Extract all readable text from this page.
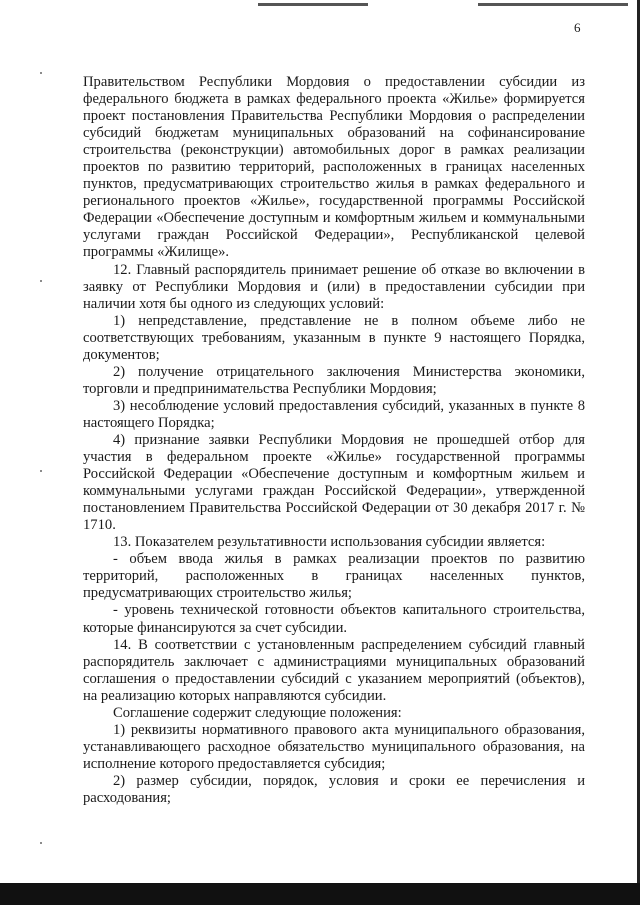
6

Правительством Республики Мордовия о предоставлении субсидии из федерального бюджета в рамках федерального проекта «Жилье» формируется проект постановления Правительства Республики Мордовия о распределении субсидий бюджетам муниципальных образований на софинансирование строительства (реконструкции) автомобильных дорог в рамках реализации проектов по развитию территорий, расположенных в границах населенных пунктов, предусматривающих строительство жилья в рамках федерального и регионального проектов «Жилье», государственной программы Российской Федерации «Обеспечение доступным и комфортным жильем и коммунальными услугами граждан Российской Федерации», Республиканской целевой программы «Жилище».

12. Главный распорядитель принимает решение об отказе во включении в заявку от Республики Мордовия и (или) в предоставлении субсидии при наличии хотя бы одного из следующих условий:

1) непредставление, представление не в полном объеме либо не соответствующих требованиям, указанным в пункте 9 настоящего Порядка, документов;

2) получение отрицательного заключения Министерства экономики, торговли и предпринимательства Республики Мордовия;

3) несоблюдение условий предоставления субсидий, указанных в пункте 8 настоящего Порядка;

4) признание заявки Республики Мордовия не прошедшей отбор для участия в федеральном проекте «Жилье» государственной программы Российской Федерации «Обеспечение доступным и комфортным жильем и коммунальными услугами граждан Российской Федерации», утвержденной постановлением Правительства Российской Федерации от 30 декабря 2017 г. № 1710.

13. Показателем результативности использования субсидии является:

- объем ввода жилья в рамках реализации проектов по развитию территорий, расположенных в границах населенных пунктов, предусматривающих строительство жилья;

- уровень технической готовности объектов капитального строительства, которые финансируются за счет субсидии.

14. В соответствии с установленным распределением субсидий главный распорядитель заключает с администрациями муниципальных образований соглашения о предоставлении субсидий с указанием мероприятий (объектов), на реализацию которых направляются субсидии.

Соглашение содержит следующие положения:

1) реквизиты нормативного правового акта муниципального образования, устанавливающего расходное обязательство муниципального образования, на исполнение которого предоставляется субсидия;

2) размер субсидии, порядок, условия и сроки ее перечисления и расходования;
